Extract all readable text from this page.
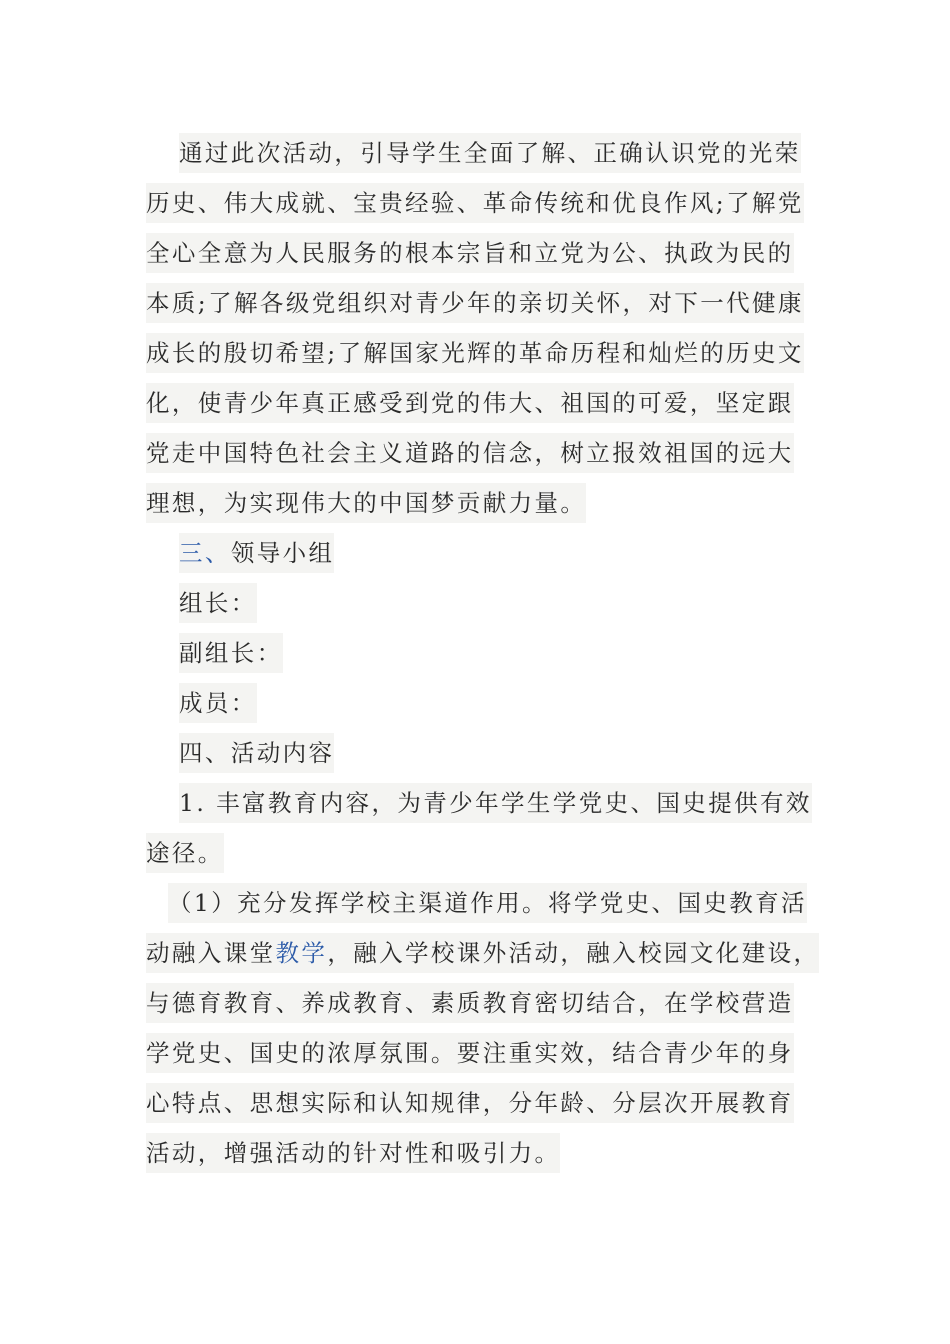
通过此次活动，引导学生全面了解、正确认识党的光荣
历史、伟大成就、宝贵经验、革命传统和优良作风;了解党
全心全意为人民服务的根本宗旨和立党为公、执政为民的
本质;了解各级党组织对青少年的亲切关怀，对下一代健康
成长的殷切希望;了解国家光辉的革命历程和灿烂的历史文
化，使青少年真正感受到党的伟大、祖国的可爱，坚定跟
党走中国特色社会主义道路的信念，树立报效祖国的远大
理想，为实现伟大的中国梦贡献力量。
三、领导小组
组长：
副组长：
成员：
四、活动内容
1. 丰富教育内容，为青少年学生学党史、国史提供有效
途径。
（1）充分发挥学校主渠道作用。将学党史、国史教育活
动融入课堂教学，融入学校课外活动，融入校园文化建设，
与德育教育、养成教育、素质教育密切结合，在学校营造
学党史、国史的浓厚氛围。要注重实效，结合青少年的身
心特点、思想实际和认知规律，分年龄、分层次开展教育
活动，增强活动的针对性和吸引力。
